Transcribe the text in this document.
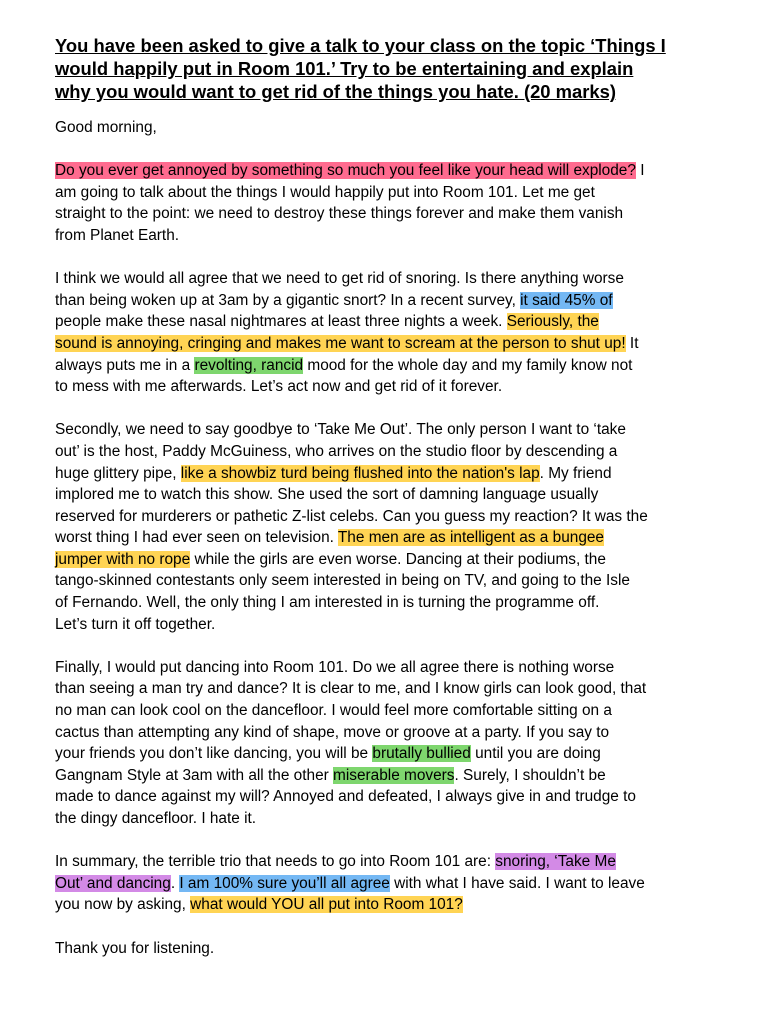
You have been asked to give a talk to your class on the topic ‘Things I
would happily put in Room 101.’ Try to be entertaining and explain
why you would want to get rid of the things you hate. (20 marks)
Good morning,
Do you ever get annoyed by something so much you feel like your head will explode? I
am going to talk about the things I would happily put into Room 101. Let me get
straight to the point: we need to destroy these things forever and make them vanish
from Planet Earth.
I think we would all agree that we need to get rid of snoring. Is there anything worse
than being woken up at 3am by a gigantic snort? In a recent survey, it said 45% of
people make these nasal nightmares at least three nights a week. Seriously, the
sound is annoying, cringing and makes me want to scream at the person to shut up! It
always puts me in a revolting, rancid mood for the whole day and my family know not
to mess with me afterwards. Let’s act now and get rid of it forever.
Secondly, we need to say goodbye to ‘Take Me Out’. The only person I want to ‘take
out’ is the host, Paddy McGuiness, who arrives on the studio floor by descending a
huge glittery pipe, like a showbiz turd being flushed into the nation's lap. My friend
implored me to watch this show. She used the sort of damning language usually
reserved for murderers or pathetic Z-list celebs. Can you guess my reaction? It was the
worst thing I had ever seen on television. The men are as intelligent as a bungee
jumper with no rope while the girls are even worse. Dancing at their podiums, the
tango-skinned contestants only seem interested in being on TV, and going to the Isle
of Fernando. Well, the only thing I am interested in is turning the programme off.
Let’s turn it off together.
Finally, I would put dancing into Room 101. Do we all agree there is nothing worse
than seeing a man try and dance? It is clear to me, and I know girls can look good, that
no man can look cool on the dancefloor. I would feel more comfortable sitting on a
cactus than attempting any kind of shape, move or groove at a party. If you say to
your friends you don’t like dancing, you will be brutally bullied until you are doing
Gangnam Style at 3am with all the other miserable movers. Surely, I shouldn’t be
made to dance against my will? Annoyed and defeated, I always give in and trudge to
the dingy dancefloor. I hate it.
In summary, the terrible trio that needs to go into Room 101 are: snoring, ‘Take Me
Out’ and dancing. I am 100% sure you’ll all agree with what I have said. I want to leave
you now by asking, what would YOU all put into Room 101?
Thank you for listening.
